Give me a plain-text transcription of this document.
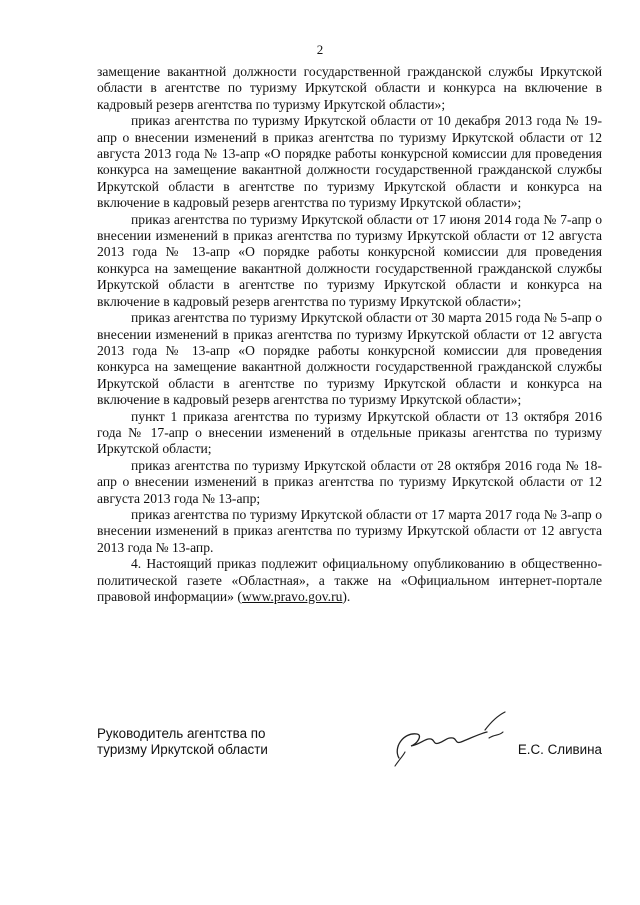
2

замещение вакантной должности государственной гражданской службы Иркутской области в агентстве по туризму Иркутской области и конкурса на включение в кадровый резерв агентства по туризму Иркутской области»;

приказ агентства по туризму Иркутской области от 10 декабря 2013 года № 19-апр о внесении изменений в приказ агентства по туризму Иркутской области от 12 августа 2013 года № 13-апр «О порядке работы конкурсной комиссии для проведения конкурса на замещение вакантной должности государственной гражданской службы Иркутской области в агентстве по туризму Иркутской области и конкурса на включение в кадровый резерв агентства по туризму Иркутской области»;

приказ агентства по туризму Иркутской области от 17 июня 2014 года № 7-апр о внесении изменений в приказ агентства по туризму Иркутской области от 12 августа 2013 года № 13-апр «О порядке работы конкурсной комиссии для проведения конкурса на замещение вакантной должности государственной гражданской службы Иркутской области в агентстве по туризму Иркутской области и конкурса на включение в кадровый резерв агентства по туризму Иркутской области»;

приказ агентства по туризму Иркутской области от 30 марта 2015 года № 5-апр о внесении изменений в приказ агентства по туризму Иркутской области от 12 августа 2013 года № 13-апр «О порядке работы конкурсной комиссии для проведения конкурса на замещение вакантной должности государственной гражданской службы Иркутской области в агентстве по туризму Иркутской области и конкурса на включение в кадровый резерв агентства по туризму Иркутской области»;

пункт 1 приказа агентства по туризму Иркутской области от 13 октября 2016 года № 17-апр о внесении изменений в отдельные приказы агентства по туризму Иркутской области;

приказ агентства по туризму Иркутской области от 28 октября 2016 года № 18-апр о внесении изменений в приказ агентства по туризму Иркутской области от 12 августа 2013 года № 13-апр;

приказ агентства по туризму Иркутской области от 17 марта 2017 года № 3-апр о внесении изменений в приказ агентства по туризму Иркутской области от 12 августа 2013 года № 13-апр.

4. Настоящий приказ подлежит официальному опубликованию в общественно-политической газете «Областная», а также на «Официальном интернет-портале правовой информации» (www.pravo.gov.ru).

Руководитель агентства по
туризму Иркутской области	Е.С. Сливина
